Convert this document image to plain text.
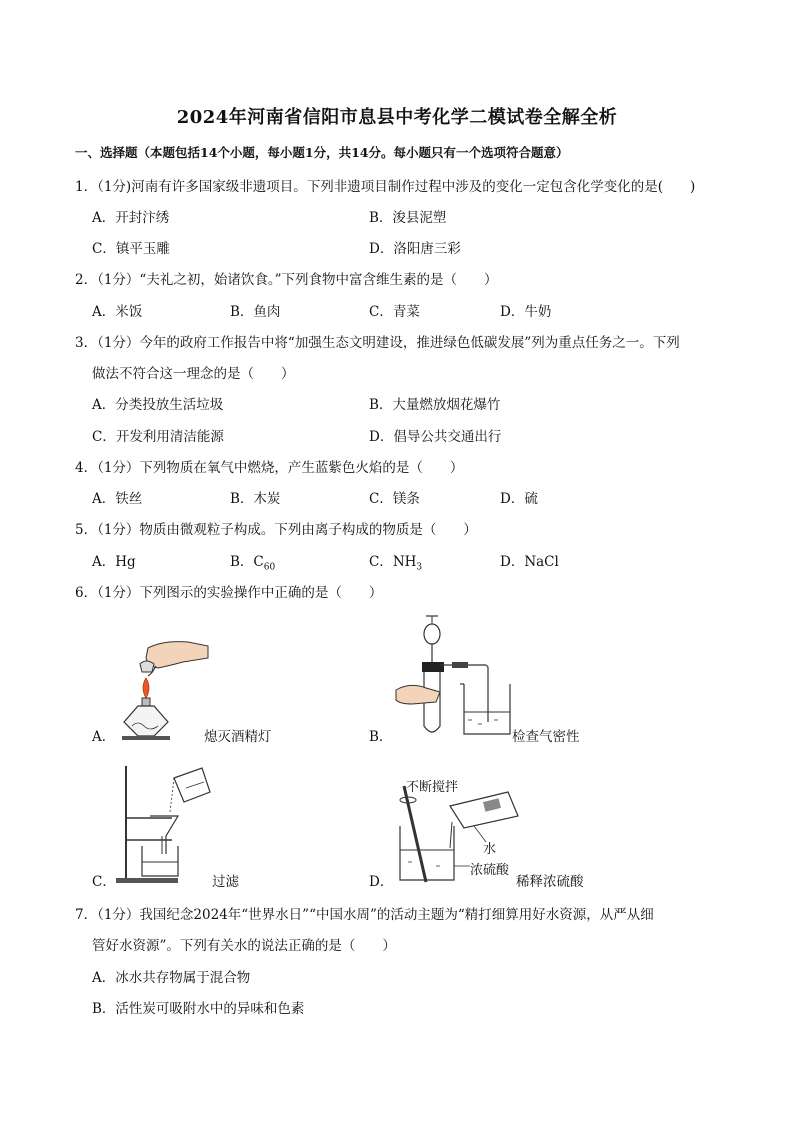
2024年河南省信阳市息县中考化学二模试卷全解全析
一、选择题（本题包括14个小题，每小题1分，共14分。每小题只有一个选项符合题意）
1．（1分)河南有许多国家级非遗项目。下列非遗项目制作过程中涉及的变化一定包含化学变化的是(　　)
A．开封汴绣	B．浚县泥塑
C．镇平玉雕	D．洛阳唐三彩
2．（1分）“夫礼之初，始诸饮食。”下列食物中富含维生素的是（　　）
A．米饭	B．鱼肉	C．青菜	D．牛奶
3．（1分）今年的政府工作报告中将“加强生态文明建设，推进绿色低碳发展”列为重点任务之一。下列
做法不符合这一理念的是（　　）
A．分类投放生活垃圾	B．大量燃放烟花爆竹
C．开发利用清洁能源	D．倡导公共交通出行
4．（1分）下列物质在氧气中燃烧，产生蓝紫色火焰的是（　　）
A．铁丝	B．木炭	C．镁条	D．硫
5．（1分）物质由微观粒子构成。下列由离子构成的物质是（　　）
A．Hg	B．$C_{60}$	C．$NH_3$	D．NaCl
6．（1分）下列图示的实验操作中正确的是（　　）
A．	熄灭酒精灯	B．	检查气密性
C．	过滤	D．
不断搅拌
水
浓硫酸
稀释浓硫酸
7．（1分）我国纪念2024年“世界水日”“中国水周”的活动主题为“精打细算用好水资源，从严从细
管好水资源”。下列有关水的说法正确的是（　　）
A．冰水共存物属于混合物
B．活性炭可吸附水中的异味和色素
